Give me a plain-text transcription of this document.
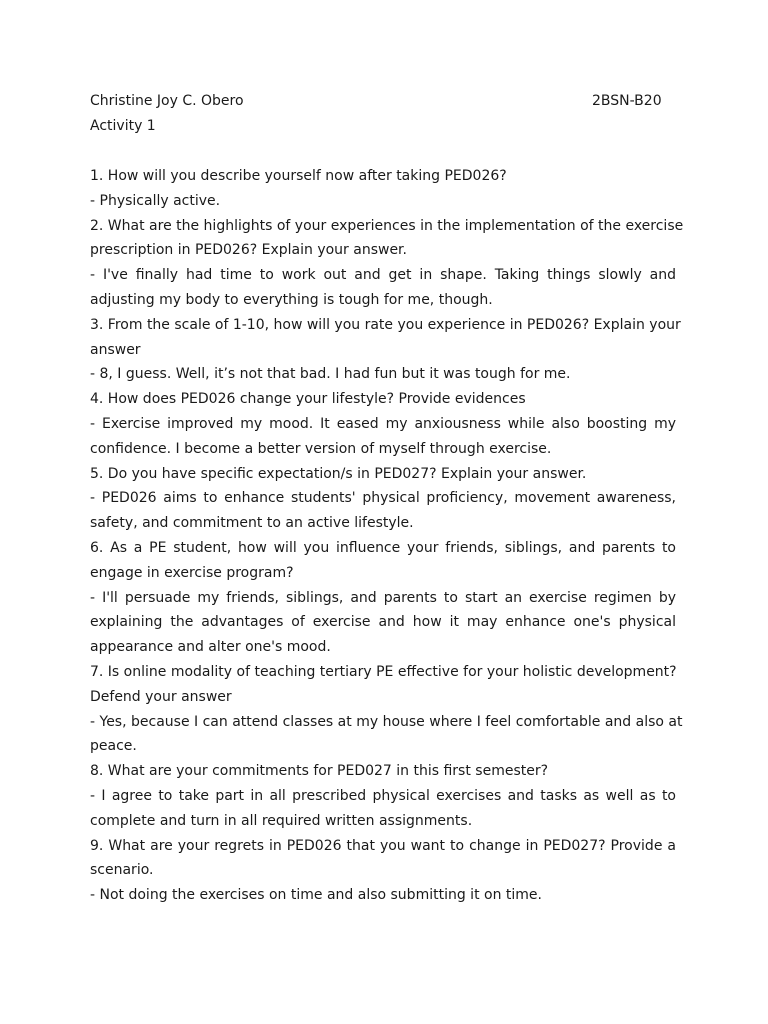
Christine Joy C. Obero	2BSN-B20
Activity 1
1. How will you describe yourself now after taking PED026?
- Physically active.
2. What are the highlights of your experiences in the implementation of the exercise
prescription in PED026? Explain your answer.
- I've finally had time to work out and get in shape. Taking things slowly and
adjusting my body to everything is tough for me, though.
3. From the scale of 1-10, how will you rate you experience in PED026? Explain your
answer
- 8, I guess. Well, it’s not that bad. I had fun but it was tough for me.
4. How does PED026 change your lifestyle? Provide evidences
- Exercise improved my mood. It eased my anxiousness while also boosting my
confidence. I become a better version of myself through exercise.
5. Do you have specific expectation/s in PED027? Explain your answer.
- PED026 aims to enhance students' physical proficiency, movement awareness,
safety, and commitment to an active lifestyle.
6. As a PE student, how will you influence your friends, siblings, and parents to
engage in exercise program?
- I'll persuade my friends, siblings, and parents to start an exercise regimen by
explaining the advantages of exercise and how it may enhance one's physical
appearance and alter one's mood.
7. Is online modality of teaching tertiary PE effective for your holistic development?
Defend your answer
- Yes, because I can attend classes at my house where I feel comfortable and also at
peace.
8. What are your commitments for PED027 in this first semester?
- I agree to take part in all prescribed physical exercises and tasks as well as to
complete and turn in all required written assignments.
9. What are your regrets in PED026 that you want to change in PED027? Provide a
scenario.
- Not doing the exercises on time and also submitting it on time.
